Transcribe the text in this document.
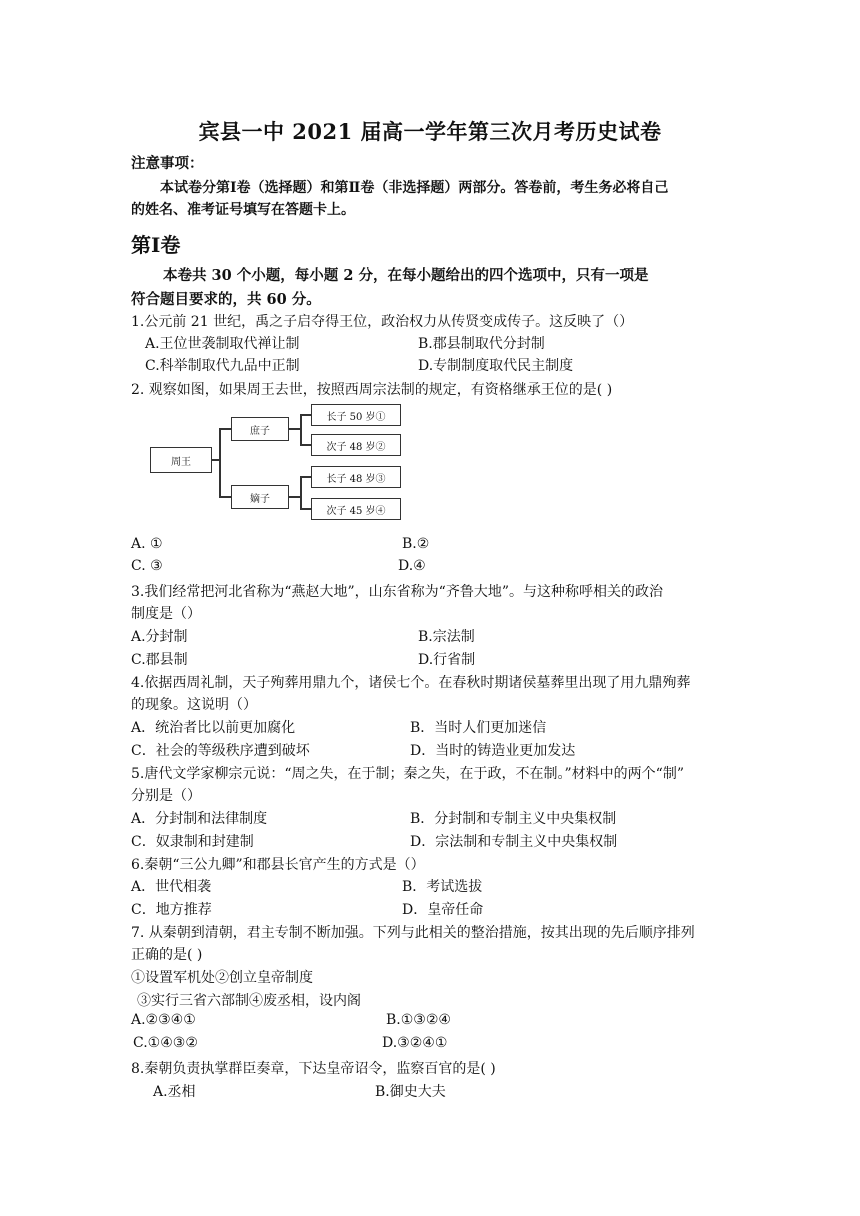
宾县一中 2021 届高一学年第三次月考历史试卷
注意事项：
本试卷分第Ⅰ卷（选择题）和第Ⅱ卷（非选择题）两部分。答卷前，考生务必将自己
的姓名、准考证号填写在答题卡上。
第Ⅰ卷
本卷共 30 个小题，每小题 2 分，在每小题给出的四个选项中，只有一项是
符合题目要求的，共 60 分。
1.公元前 21 世纪，禹之子启夺得王位，政治权力从传贤变成传子。这反映了（）
A.王位世袭制取代禅让制	B.郡县制取代分封制
C.科举制取代九品中正制	D.专制制度取代民主制度
2. 观察如图，如果周王去世，按照西周宗法制的规定，有资格继承王位的是( )
周王
庶子
嫡子
长子 50 岁①
次子 48 岁②
长子 48 岁③
次子 45 岁④
A. ①	B.②
C. ③	D.④
3.我们经常把河北省称为“燕赵大地”，山东省称为“齐鲁大地”。与这种称呼相关的政治
制度是（）
A.分封制	B.宗法制
C.郡县制	D.行省制
4.依据西周礼制，天子殉葬用鼎九个，诸侯七个。在春秋时期诸侯墓葬里出现了用九鼎殉葬
的现象。这说明（）
A．统治者比以前更加腐化	B．当时人们更加迷信
C．社会的等级秩序遭到破坏	D．当时的铸造业更加发达
5.唐代文学家柳宗元说：“周之失，在于制；秦之失，在于政，不在制。”材料中的两个“制”
分别是（）
A．分封制和法律制度	B．分封制和专制主义中央集权制
C．奴隶制和封建制	D．宗法制和专制主义中央集权制
6.秦朝“三公九卿”和郡县长官产生的方式是（）
A．世代相袭	B．考试选拔
C．地方推荐	D．皇帝任命
7. 从秦朝到清朝，君主专制不断加强。下列与此相关的整治措施，按其出现的先后顺序排列
正确的是( )
①设置军机处②创立皇帝制度
③实行三省六部制④废丞相，设内阁
A.②③④①	B.①③②④
C.①④③②	D.③②④①
8.秦朝负责执掌群臣奏章，下达皇帝诏令，监察百官的是( )
A.丞相	B.御史大夫
